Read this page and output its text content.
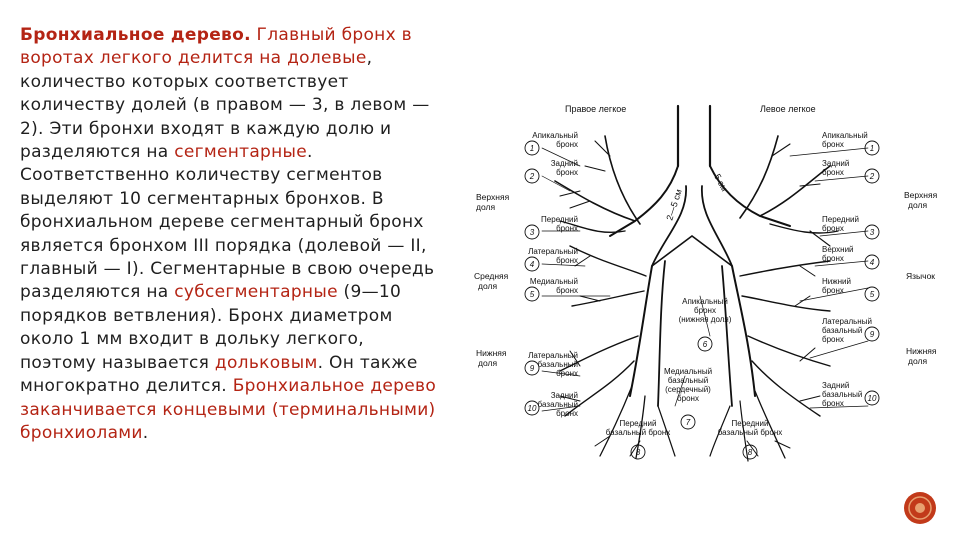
Бронхиальное дерево. Главный бронх в воротах легкого делится на долевые, количество которых соответствует количеству долей (в правом — 3, в левом — 2). Эти бронхи входят в каждую долю и разделяются на сегментарные. Соответственно количеству сегментов выделяют 10 сегментарных бронхов. В бронхиальном дереве сегментарный бронх является бронхом III порядка (долевой — II, главный — I). Сегментарные в свою очередь разделяются на субсегментарные (9—10 порядков ветвления). Бронх диаметром около 1 мм входит в дольку легкого, поэтому называется дольковым. Он также многократно делится. Бронхиальное дерево заканчивается концевыми (терминальными) бронхиолами.
Правое легкое	Левое легкое
2—5 см
5 см
Верхняя
доля
Средняя
доля
Нижняя
доля
Верхняя
доля
Язычок
Нижняя
доля
Апикальный
бронх
1
Задний
бронх
2
Передний
бронх
3
Латеральный
бронх
4
Медиальный
бронх
5
Латеральный
базальный
бронх
9
Задний
базальный
бронх
10
Апикальный
бронх	1
Задний
бронх	2
Передний
бронх	3
Верхний
бронх	4
Нижний
бронх	5
Латеральный
базальный
бронх
9
Задний
базальный
бронх
10
Апикальный
бронх
(нижняя доля)
6
Медиальный
базальный
(сердечный)
бронх
7
Передний
базальный бронх
8
Передний
базальный бронх
8
